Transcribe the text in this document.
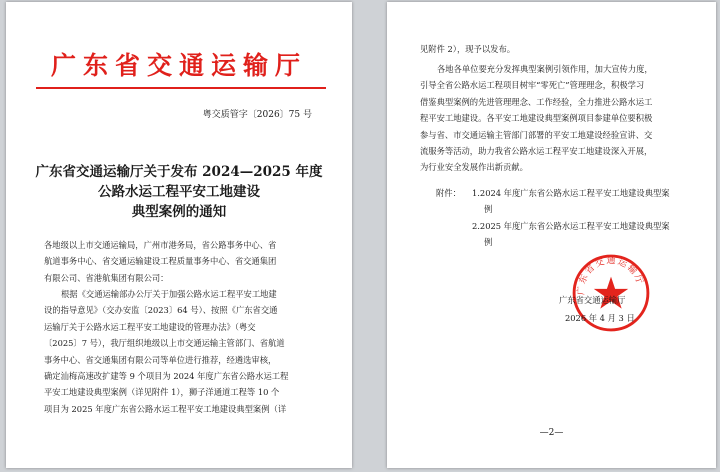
广东省交通运输厅
粤交质管字〔2026〕75 号
广东省交通运输厅关于发布 2024—2025 年度
公路水运工程平安工地建设
典型案例的通知
各地级以上市交通运输局，广州市港务局，省公路事务中心、省
航道事务中心、省交通运输建设工程质量事务中心、省交通集团
有限公司、省港航集团有限公司：
根据《交通运输部办公厅关于加强公路水运工程平安工地建
设的指导意见》（交办安监〔2023〕64 号）、按照《广东省交通
运输厅关于公路水运工程平安工地建设的管理办法》（粤交
〔2025〕7 号），我厅组织地级以上市交通运输主管部门、省航道
事务中心、省交通集团有限公司等单位进行推荐，经遴选审核，
确定汕梅高速改扩建等 9 个项目为 2024 年度广东省公路水运工程
平安工地建设典型案例（详见附件 1），狮子洋通道工程等 10 个
项目为 2025 年度广东省公路水运工程平安工地建设典型案例（详
见附件 2），现予以发布。
各地各单位要充分发挥典型案例引领作用，加大宣传力度，
引导全省公路水运工程项目树牢“零死亡”管理理念，积极学习
借鉴典型案例的先进管理理念、工作经验，全力推进公路水运工
程平安工地建设。各平安工地建设典型案例项目参建单位要积极
参与省、市交通运输主管部门部署的平安工地建设经验宣讲、交
流服务等活动，助力我省公路水运工程平安工地建设深入开展，
为行业安全发展作出新贡献。
附件： 1.2024 年度广东省公路水运工程平安工地建设典型案
例
2.2025 年度广东省公路水运工程平安工地建设典型案
例
广东省交通运输厅
广东省交通运输厅
2026 年 4 月 3 日
—2—
